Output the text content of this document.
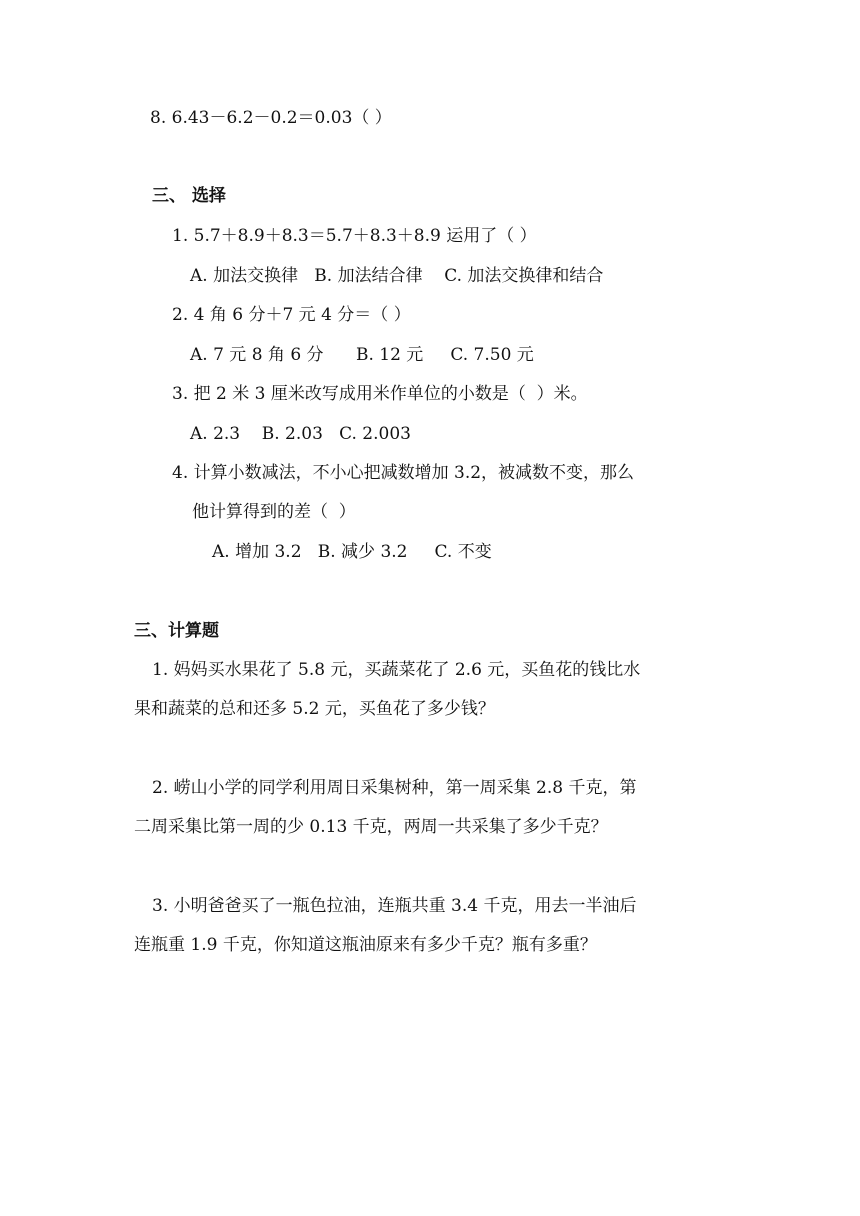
8. 6.43－6.2－0.2＝0.03（ ）
三、 选择
1. 5.7＋8.9＋8.3＝5.7＋8.3＋8.9 运用了（ ）
A. 加法交换律   B. 加法结合律    C. 加法交换律和结合
2. 4 角 6 分＋7 元 4 分＝（ ）
A. 7 元 8 角 6 分      B. 12 元     C. 7.50 元
3. 把 2 米 3 厘米改写成用米作单位的小数是（  ）米。
A. 2.3    B. 2.03   C. 2.003
4. 计算小数减法，不小心把减数增加 3.2，被减数不变，那么
他计算得到的差（  ）
A. 增加 3.2   B. 减少 3.2     C. 不变
三、计算题
1. 妈妈买水果花了 5.8 元，买蔬菜花了 2.6 元，买鱼花的钱比水
果和蔬菜的总和还多 5.2 元，买鱼花了多少钱？
2. 崂山小学的同学利用周日采集树种，第一周采集 2.8 千克，第
二周采集比第一周的少 0.13 千克，两周一共采集了多少千克？
3. 小明爸爸买了一瓶色拉油，连瓶共重 3.4 千克，用去一半油后
连瓶重 1.9 千克，你知道这瓶油原来有多少千克？瓶有多重？
